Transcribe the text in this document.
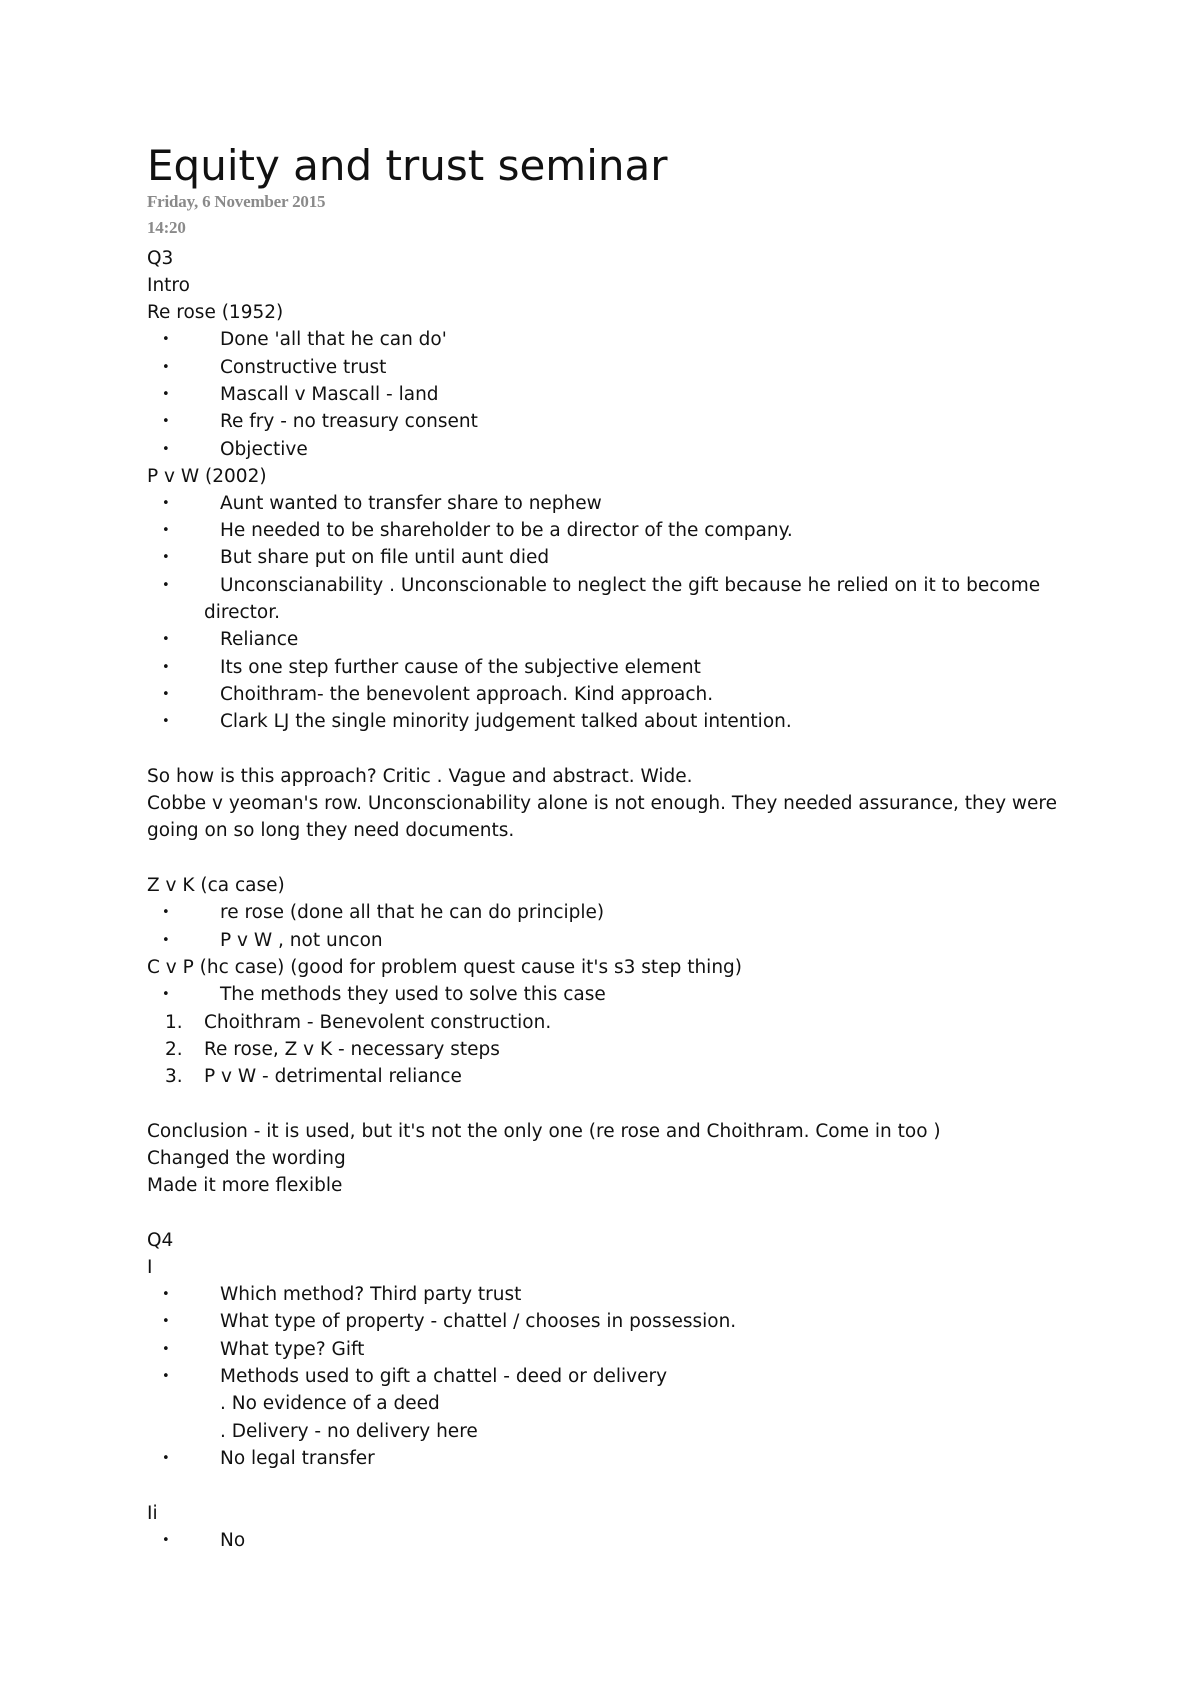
Equity and trust seminar
Friday, 6 November 2015
14:20
Q3
Intro
Re rose (1952)
•	Done 'all that he can do'
•	Constructive trust
•	Mascall v Mascall - land
•	Re fry - no treasury consent
•	Objective
P v W (2002)
•	Aunt wanted to transfer share to nephew
•	He needed to be shareholder to be a director of the company.
•	But share put on file until aunt died
•	Unconscianability . Unconscionable to neglect the gift because he relied on it to become
director.
•	Reliance
•	Its one step further cause of the subjective element
•	Choithram- the benevolent approach. Kind approach.
•	Clark LJ the single minority judgement talked about intention.
So how is this approach? Critic . Vague and abstract. Wide.
Cobbe v yeoman's row. Unconscionability alone is not enough. They needed assurance, they were
going on so long they need documents.
Z v K (ca case)
•	re rose (done all that he can do principle)
•	P v W , not uncon
C v P (hc case) (good for problem quest cause it's s3 step thing)
•	The methods they used to solve this case
1. Choithram - Benevolent construction.
2. Re rose, Z v K - necessary steps
3. P v W - detrimental reliance
Conclusion - it is used, but it's not the only one (re rose and Choithram. Come in too )
Changed the wording
Made it more flexible
Q4
I
•	Which method? Third party trust
•	What type of property - chattel / chooses in possession.
•	What type? Gift
•	Methods used to gift a chattel - deed or delivery
. No evidence of a deed
. Delivery - no delivery here
•	No legal transfer
Ii
•	No
